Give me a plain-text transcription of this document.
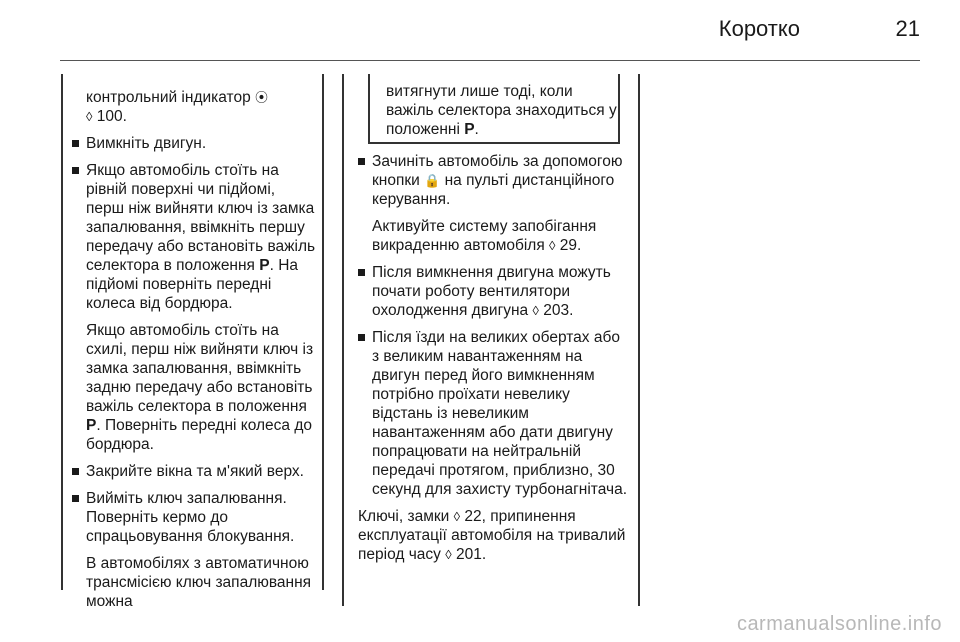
Коротко	21

контрольний індикатор ⦿
◊ 100.

Вимкніть двигун.

Якщо автомобіль стоїть на рівній поверхні чи підйомі, перш ніж вийняти ключ із замка запалювання, ввімкніть першу передачу або встановіть важіль селектора в положення P. На підйомі поверніть передні колеса від бордюра.

Якщо автомобіль стоїть на схилі, перш ніж вийняти ключ із замка запалювання, ввімкніть задню передачу або встановіть важіль селектора в положення P. Поверніть передні колеса до бордюра.

Закрийте вікна та м'який верх.

Вийміть ключ запалювання. Поверніть кермо до спрацьовування блокування.

В автомобілях з автоматичною трансмісією ключ запалювання можна

витягнути лише тоді, коли важіль селектора знаходиться у положенні P.

Зачиніть автомобіль за допомогою кнопки 🔒 на пульті дистанційного керування.

Активуйте систему запобігання викраденню автомобіля ◊ 29.

Після вимкнення двигуна можуть почати роботу вентилятори охолодження двигуна ◊ 203.

Після їзди на великих обертах або з великим навантаженням на двигун перед його вимкненням потрібно проїхати невелику відстань із невеликим навантаженням або дати двигуну попрацювати на нейтральній передачі протягом, приблизно, 30 секунд для захисту турбонагнітача.

Ключі, замки ◊ 22, припинення експлуатації автомобіля на тривалий період часу ◊ 201.

carmanualsonline.info
